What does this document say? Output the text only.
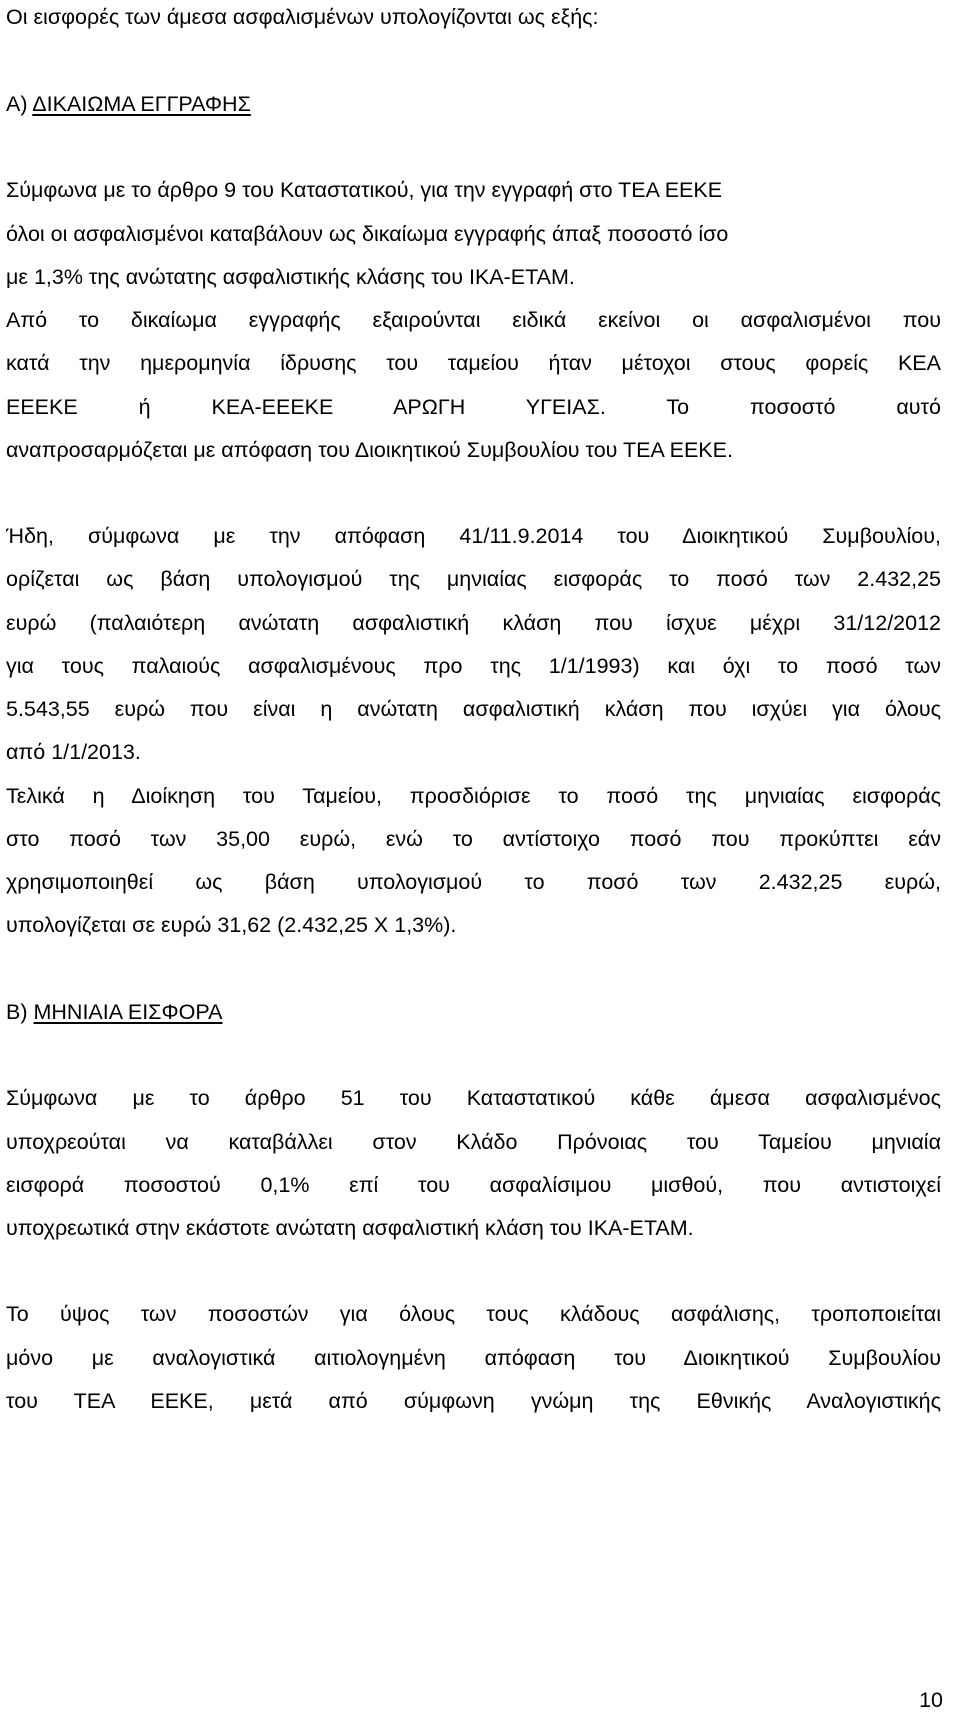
Οι εισφορές των άμεσα ασφαλισμένων υπολογίζονται ως εξής:
Α) ΔΙΚΑΙΩΜΑ ΕΓΓΡΑΦΗΣ
Σύμφωνα με το άρθρο 9 του Καταστατικού, για την εγγραφή στο ΤΕΑ ΕΕΚΕ
όλοι οι ασφαλισμένοι καταβάλουν ως δικαίωμα εγγραφής άπαξ ποσοστό ίσο
με 1,3% της ανώτατης ασφαλιστικής κλάσης του ΙΚΑ-ΕΤΑΜ.
Από το δικαίωμα εγγραφής εξαιρούνται ειδικά εκείνοι οι ασφαλισμένοι που
κατά την ημερομηνία ίδρυσης του ταμείου ήταν μέτοχοι στους φορείς ΚΕΑ
ΕΕΕΚΕ ή ΚΕΑ-ΕΕΕΚΕ ΑΡΩΓΗ ΥΓΕΙΑΣ. Το ποσοστό αυτό
αναπροσαρμόζεται με απόφαση του Διοικητικού Συμβουλίου του ΤΕΑ ΕΕΚΕ.
Ήδη, σύμφωνα με την απόφαση 41/11.9.2014 του Διοικητικού Συμβουλίου,
ορίζεται ως βάση υπολογισμού της μηνιαίας εισφοράς το ποσό των 2.432,25
ευρώ (παλαιότερη ανώτατη ασφαλιστική κλάση που ίσχυε μέχρι 31/12/2012
για τους παλαιούς ασφαλισμένους προ της 1/1/1993) και όχι το ποσό των
5.543,55 ευρώ που είναι η ανώτατη ασφαλιστική κλάση που ισχύει για όλους
από 1/1/2013.
Τελικά η Διοίκηση του Ταμείου, προσδιόρισε το ποσό της μηνιαίας εισφοράς
στο ποσό των 35,00 ευρώ, ενώ το αντίστοιχο ποσό που προκύπτει εάν
χρησιμοποιηθεί ως βάση υπολογισμού το ποσό των 2.432,25 ευρώ,
υπολογίζεται σε ευρώ 31,62 (2.432,25 Χ 1,3%).
Β) ΜΗΝΙΑΙΑ ΕΙΣΦΟΡΑ
Σύμφωνα με το άρθρο 51 του Καταστατικού κάθε άμεσα ασφαλισμένος
υποχρεούται να καταβάλλει στον Κλάδο Πρόνοιας του Ταμείου μηνιαία
εισφορά ποσοστού 0,1% επί του ασφαλίσιμου μισθού, που αντιστοιχεί
υποχρεωτικά στην εκάστοτε ανώτατη ασφαλιστική κλάση του ΙΚΑ-ΕΤΑΜ.
Το ύψος των ποσοστών για όλους τους κλάδους ασφάλισης, τροποποιείται
μόνο με αναλογιστικά αιτιολογημένη απόφαση του Διοικητικού Συμβουλίου
του ΤΕΑ ΕΕΚΕ, μετά από σύμφωνη γνώμη της Εθνικής Αναλογιστικής
10
